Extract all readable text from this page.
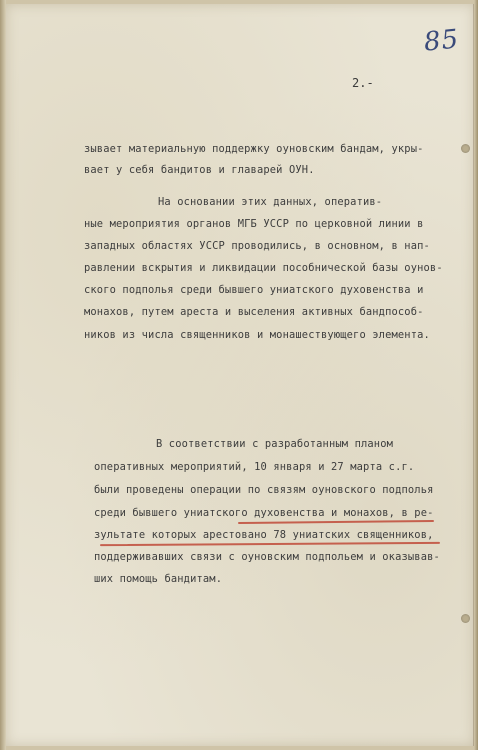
85
2.-
зывает материальную поддержку оуновским бандам, укры-
вает у себя бандитов и главарей ОУН.
На основании этих данных, оператив-
ные мероприятия органов МГБ УССР по церковной линии в
западных областях УССР проводились, в основном, в нап-
равлении вскрытия и ликвидации пособнической базы оунов-
ского подполья среди бывшего униатского духовенства и
монахов, путем ареста и выселения активных бандпособ-
ников из числа священников и монашествующего элемента.
В соответствии с разработанным планом
оперативных мероприятий, 10 января и 27 марта с.г.
были проведены операции по связям оуновского подполья
среди бывшего униатского духовенства и монахов, в ре-
зультате которых арестовано 78 униатских священников,
поддерживавших связи с оуновским подпольем и оказывав-
ших помощь бандитам.
